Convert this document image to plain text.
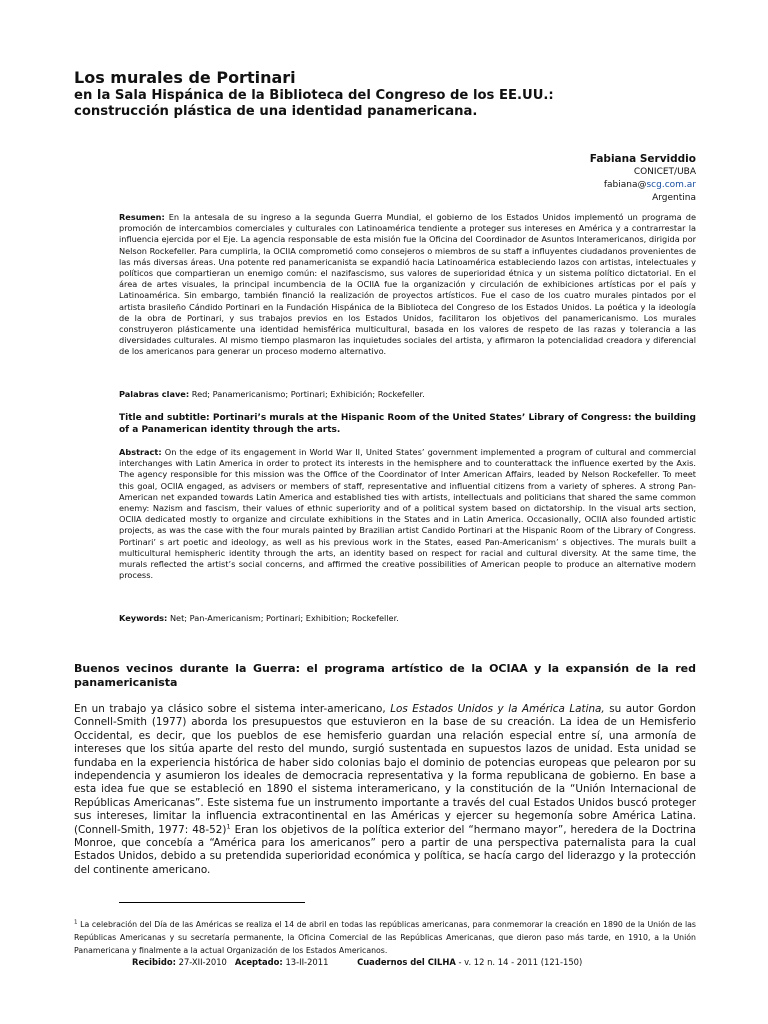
Los murales de Portinari
en la Sala Hispánica de la Biblioteca del Congreso de los EE.UU.:
construcción plástica de una identidad panamericana.
Fabiana Serviddio
CONICET/UBA
fabiana@scg.com.ar
Argentina

Resumen: En la antesala de su ingreso a la segunda Guerra Mundial, el gobierno de los Estados Unidos implementó un programa de promoción de intercambios comerciales y culturales con Latinoamérica tendiente a proteger sus intereses en América y a contrarrestar la influencia ejercida por el Eje. La agencia responsable de esta misión fue la Oficina del Coordinador de Asuntos Interamericanos, dirigida por Nelson Rockefeller. Para cumplirla, la OCIIA comprometió como consejeros o miembros de su staff a influyentes ciudadanos provenientes de las más diversas áreas. Una potente red panamericanista se expandió hacia Latinoamérica estableciendo lazos con artistas, intelectuales y políticos que compartieran un enemigo común: el nazifascismo, sus valores de superioridad étnica y un sistema político dictatorial. En el área de artes visuales, la principal incumbencia de la OCIIA fue la organización y circulación de exhibiciones artísticas por el país y Latinoamérica. Sin embargo, también financió la realización de proyectos artísticos. Fue el caso de los cuatro murales pintados por el artista brasileño Cándido Portinari en la Fundación Hispánica de la Biblioteca del Congreso de los Estados Unidos. La poética y la ideología de la obra de Portinari, y sus trabajos previos en los Estados Unidos, facilitaron los objetivos del panamericanismo. Los murales construyeron plásticamente una identidad hemisférica multicultural, basada en los valores de respeto de las razas y tolerancia a las diversidades culturales. Al mismo tiempo plasmaron las inquietudes sociales del artista, y afirmaron la potencialidad creadora y diferencial de los americanos para generar un proceso moderno alternativo.

Palabras clave: Red; Panamericanismo; Portinari; Exhibición; Rockefeller.

Title and subtitle: Portinari’s murals at the Hispanic Room of the United States’ Library of Congress: the building of a Panamerican identity through the arts.

Abstract: On the edge of its engagement in World War II, United States’ government implemented a program of cultural and commercial interchanges with Latin America in order to protect its interests in the hemisphere and to counterattack the influence exerted by the Axis. The agency responsible for this mission was the Office of the Coordinator of Inter American Affairs, leaded by Nelson Rockefeller. To meet this goal, OCIIA engaged, as advisers or members of staff, representative and influential citizens from a variety of spheres. A strong Pan-American net expanded towards Latin America and established ties with artists, intellectuals and politicians that shared the same common enemy: Nazism and fascism, their values of ethnic superiority and of a political system based on dictatorship. In the visual arts section, OCIIA dedicated mostly to organize and circulate exhibitions in the States and in Latin America. Occasionally, OCIIA also founded artistic projects, as was the case with the four murals painted by Brazilian artist Candido Portinari at the Hispanic Room of the Library of Congress. Portinari’ s art poetic and ideology, as well as his previous work in the States, eased Pan-Americanism’ s objectives. The murals built a multicultural hemispheric identity through the arts, an identity based on respect for racial and cultural diversity. At the same time, the murals reflected the artist’s social concerns, and affirmed the creative possibilities of American people to produce an alternative modern process.

Keywords: Net; Pan-Americanism; Portinari; Exhibition; Rockefeller.

Buenos vecinos durante la Guerra: el programa artístico de la OCIAA y la expansión de la red panamericanista

En un trabajo ya clásico sobre el sistema inter-americano, Los Estados Unidos y la América Latina, su autor Gordon Connell-Smith (1977) aborda los presupuestos que estuvieron en la base de su creación. La idea de un Hemisferio Occidental, es decir, que los pueblos de ese hemisferio guardan una relación especial entre sí, una armonía de intereses que los sitúa aparte del resto del mundo, surgió sustentada en supuestos lazos de unidad. Esta unidad se fundaba en la experiencia histórica de haber sido colonias bajo el dominio de potencias europeas que pelearon por su independencia y asumieron los ideales de democracia representativa y la forma republicana de gobierno. En base a esta idea fue que se estableció en 1890 el sistema interamericano, y la constitución de la “Unión Internacional de Repúblicas Americanas”. Este sistema fue un instrumento importante a través del cual Estados Unidos buscó proteger sus intereses, limitar la influencia extracontinental en las Américas y ejercer su hegemonía sobre América Latina. (Connell-Smith, 1977: 48-52)$^1$ Eran los objetivos de la política exterior del “hermano mayor”, heredera de la Doctrina Monroe, que concebía a “América para los americanos” pero a partir de una perspectiva paternalista para la cual Estados Unidos, debido a su pretendida superioridad económica y política, se hacía cargo del liderazgo y la protección del continente americano.

$^1$ La celebración del Día de las Américas se realiza el 14 de abril en todas las repúblicas americanas, para conmemorar la creación en 1890 de la Unión de las Repúblicas Americanas y su secretaría permanente, la Oficina Comercial de las Repúblicas Americanas, que dieron paso más tarde, en 1910, a la Unión Panamericana y finalmente a la actual Organización de los Estados Americanos.

Recibido: 27-XII-2010 Aceptado: 13-II-2011	Cuadernos del CILHA - v. 12 n. 14 - 2011 (121-150)
